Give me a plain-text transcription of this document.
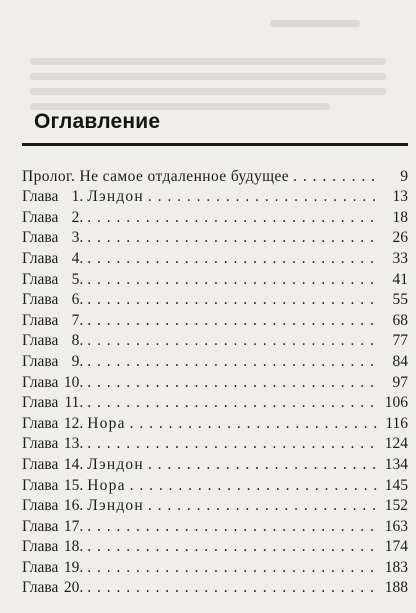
Оглавление
Пролог. Не самое отдаленное будущее . . .	9
Глава 1 . Лэндон . . .	13
Глава 2 . . . .	18
Глава 3 . . . .	26
Глава 4 . . . .	33
Глава 5 . . . .	41
Глава 6 . . . .	55
Глава 7 . . . .	68
Глава 8 . . . .	77
Глава 9 . . . .	84
Глава 10 . . . .	97
Глава 11 . . . .	106
Глава 12 . Нора . . .	116
Глава 13 . . . .	124
Глава 14 . Лэндон . . .	134
Глава 15 . Нора . . .	145
Глава 16 . Лэндон . . .	152
Глава 17 . . . .	163
Глава 18 . . . .	174
Глава 19 . . . .	183
Глава 20 . . . .	188
